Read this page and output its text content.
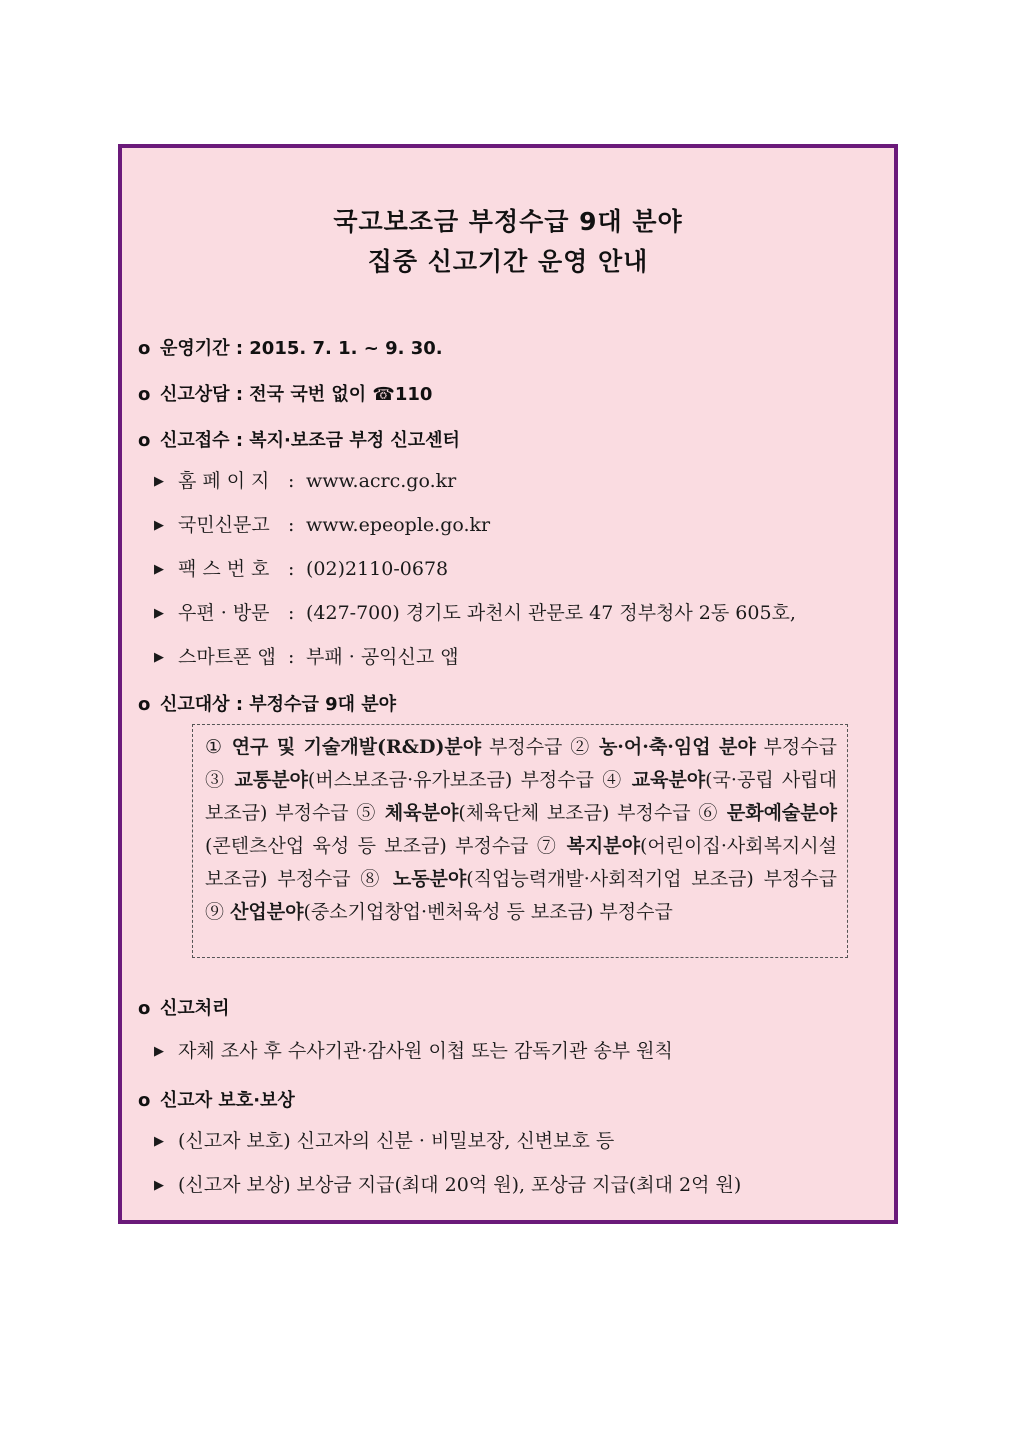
국고보조금 부정수급 9대 분야
집중 신고기간 운영 안내
o 운영기간 : 2015. 7. 1. ~ 9. 30.
o 신고상담 : 전국 국번 없이 ☎110
o 신고접수 : 복지·보조금 부정 신고센터
▶ 홈페이지 : www.acrc.go.kr
▶ 국민신문고 : www.epeople.go.kr
▶ 팩스번호 : (02)2110-0678
▶ 우편 · 방문 : (427-700) 경기도 과천시 관문로 47 정부청사 2동 605호,
▶ 스마트폰 앱 : 부패 · 공익신고 앱
o 신고대상 : 부정수급 9대 분야
① 연구 및 기술개발(R&D)분야 부정수급 ② 농·어·축·임업 분야 부정수급 ③ 교통분야(버스보조금·유가보조금) 부정수급 ④ 교육분야(국·공립 사립대 보조금) 부정수급 ⑤ 체육분야(체육단체 보조금) 부정수급 ⑥ 문화예술분야(콘텐츠산업 육성 등 보조금) 부정수급 ⑦ 복지분야(어린이집·사회복지시설 보조금) 부정수급 ⑧ 노동분야(직업능력개발·사회적기업 보조금) 부정수급 ⑨ 산업분야(중소기업창업·벤처육성 등 보조금) 부정수급
o 신고처리
▶ 자체 조사 후 수사기관·감사원 이첩 또는 감독기관 송부 원칙
o 신고자 보호·보상
▶ (신고자 보호) 신고자의 신분 · 비밀보장, 신변보호 등
▶ (신고자 보상) 보상금 지급(최대 20억 원), 포상금 지급(최대 2억 원)
